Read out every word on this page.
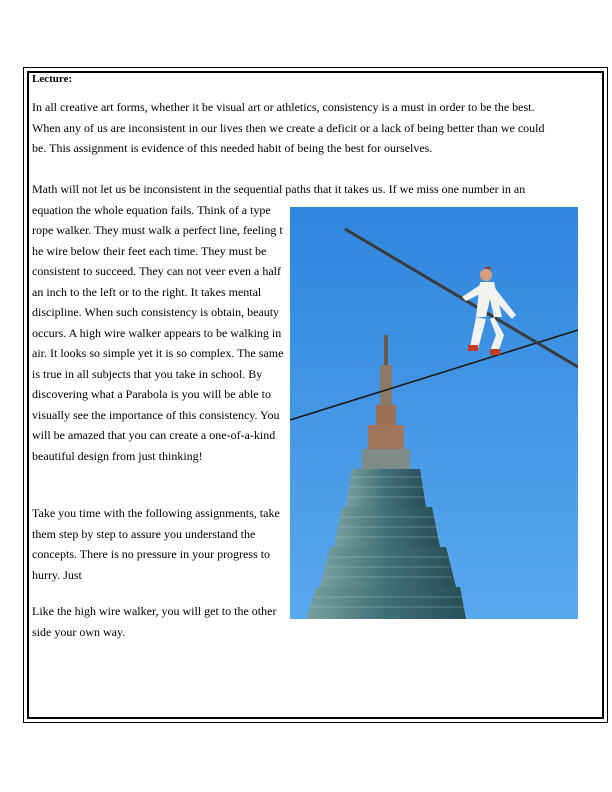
Lecture:
In all creative art forms, whether it be visual art or athletics, consistency is a must in order to be the best. When any of us are inconsistent in our lives then we create a deficit or a lack of being better than we could be. This assignment is evidence of this needed habit of being the best for ourselves.
Math will not let us be inconsistent in the sequential paths that it takes us. If we miss one number in an
equation the whole equation fails. Think of a type rope walker. They must walk a perfect line, feeling t
he wire below their feet each time. They must be consistent to succeed. They can not veer even a half an inch to the left or to the right. It takes mental discipline. When such consistency is obtain, beauty occurs. A high wire walker appears to be walking in air. It looks so simple yet it is so complex. The same is true in all subjects that you take in school. By discovering what a Parabola is you will be able to visually see the importance of this consistency. You will be amazed that you can create a one-of-a-kind beautiful design from just thinking!
Take you time with the following assignments, take them step by step to assure you understand the concepts. There is no pressure in your progress to hurry. Just
Like the high wire walker, you will get to the other side your own way.
